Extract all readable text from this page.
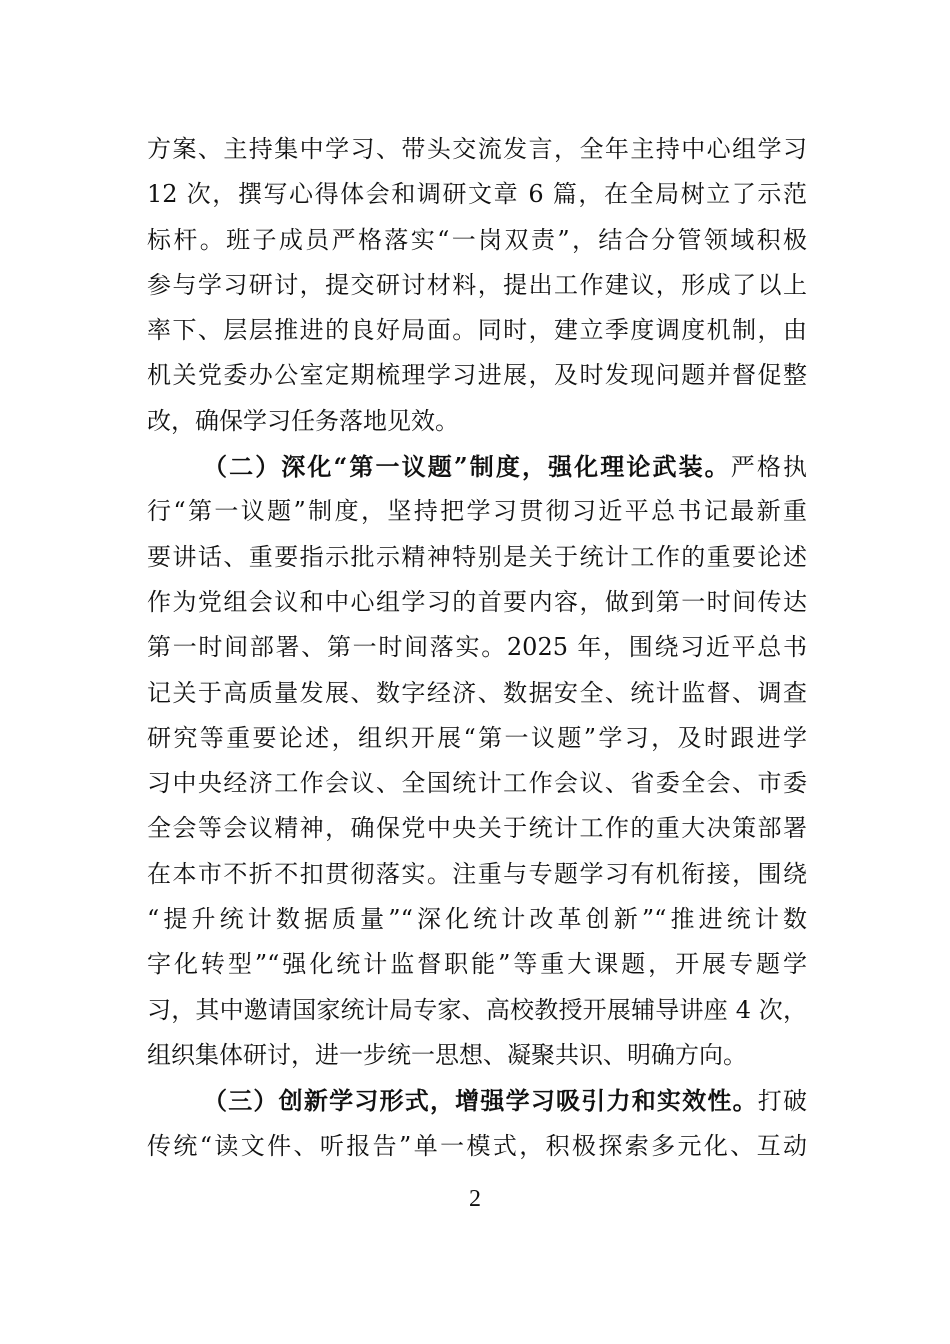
方案、主持集中学习、带头交流发言，全年主持中心组学习
12 次，撰写心得体会和调研文章 6 篇，在全局树立了示范
标杆。班子成员严格落实“一岗双责”，结合分管领域积极
参与学习研讨，提交研讨材料，提出工作建议，形成了以上
率下、层层推进的良好局面。同时，建立季度调度机制，由
机关党委办公室定期梳理学习进展，及时发现问题并督促整
改，确保学习任务落地见效。
（二）深化“第一议题”制度，强化理论武装。严格执
行“第一议题”制度，坚持把学习贯彻习近平总书记最新重
要讲话、重要指示批示精神特别是关于统计工作的重要论述
作为党组会议和中心组学习的首要内容，做到第一时间传达
第一时间部署、第一时间落实。2025 年，围绕习近平总书
记关于高质量发展、数字经济、数据安全、统计监督、调查
研究等重要论述，组织开展“第一议题”学习，及时跟进学
习中央经济工作会议、全国统计工作会议、省委全会、市委
全会等会议精神，确保党中央关于统计工作的重大决策部署
在本市不折不扣贯彻落实。注重与专题学习有机衔接，围绕
“提升统计数据质量”“深化统计改革创新”“推进统计数
字化转型”“强化统计监督职能”等重大课题，开展专题学
习，其中邀请国家统计局专家、高校教授开展辅导讲座 4 次，
组织集体研讨，进一步统一思想、凝聚共识、明确方向。
（三）创新学习形式，增强学习吸引力和实效性。打破
传统“读文件、听报告”单一模式，积极探索多元化、互动
2
